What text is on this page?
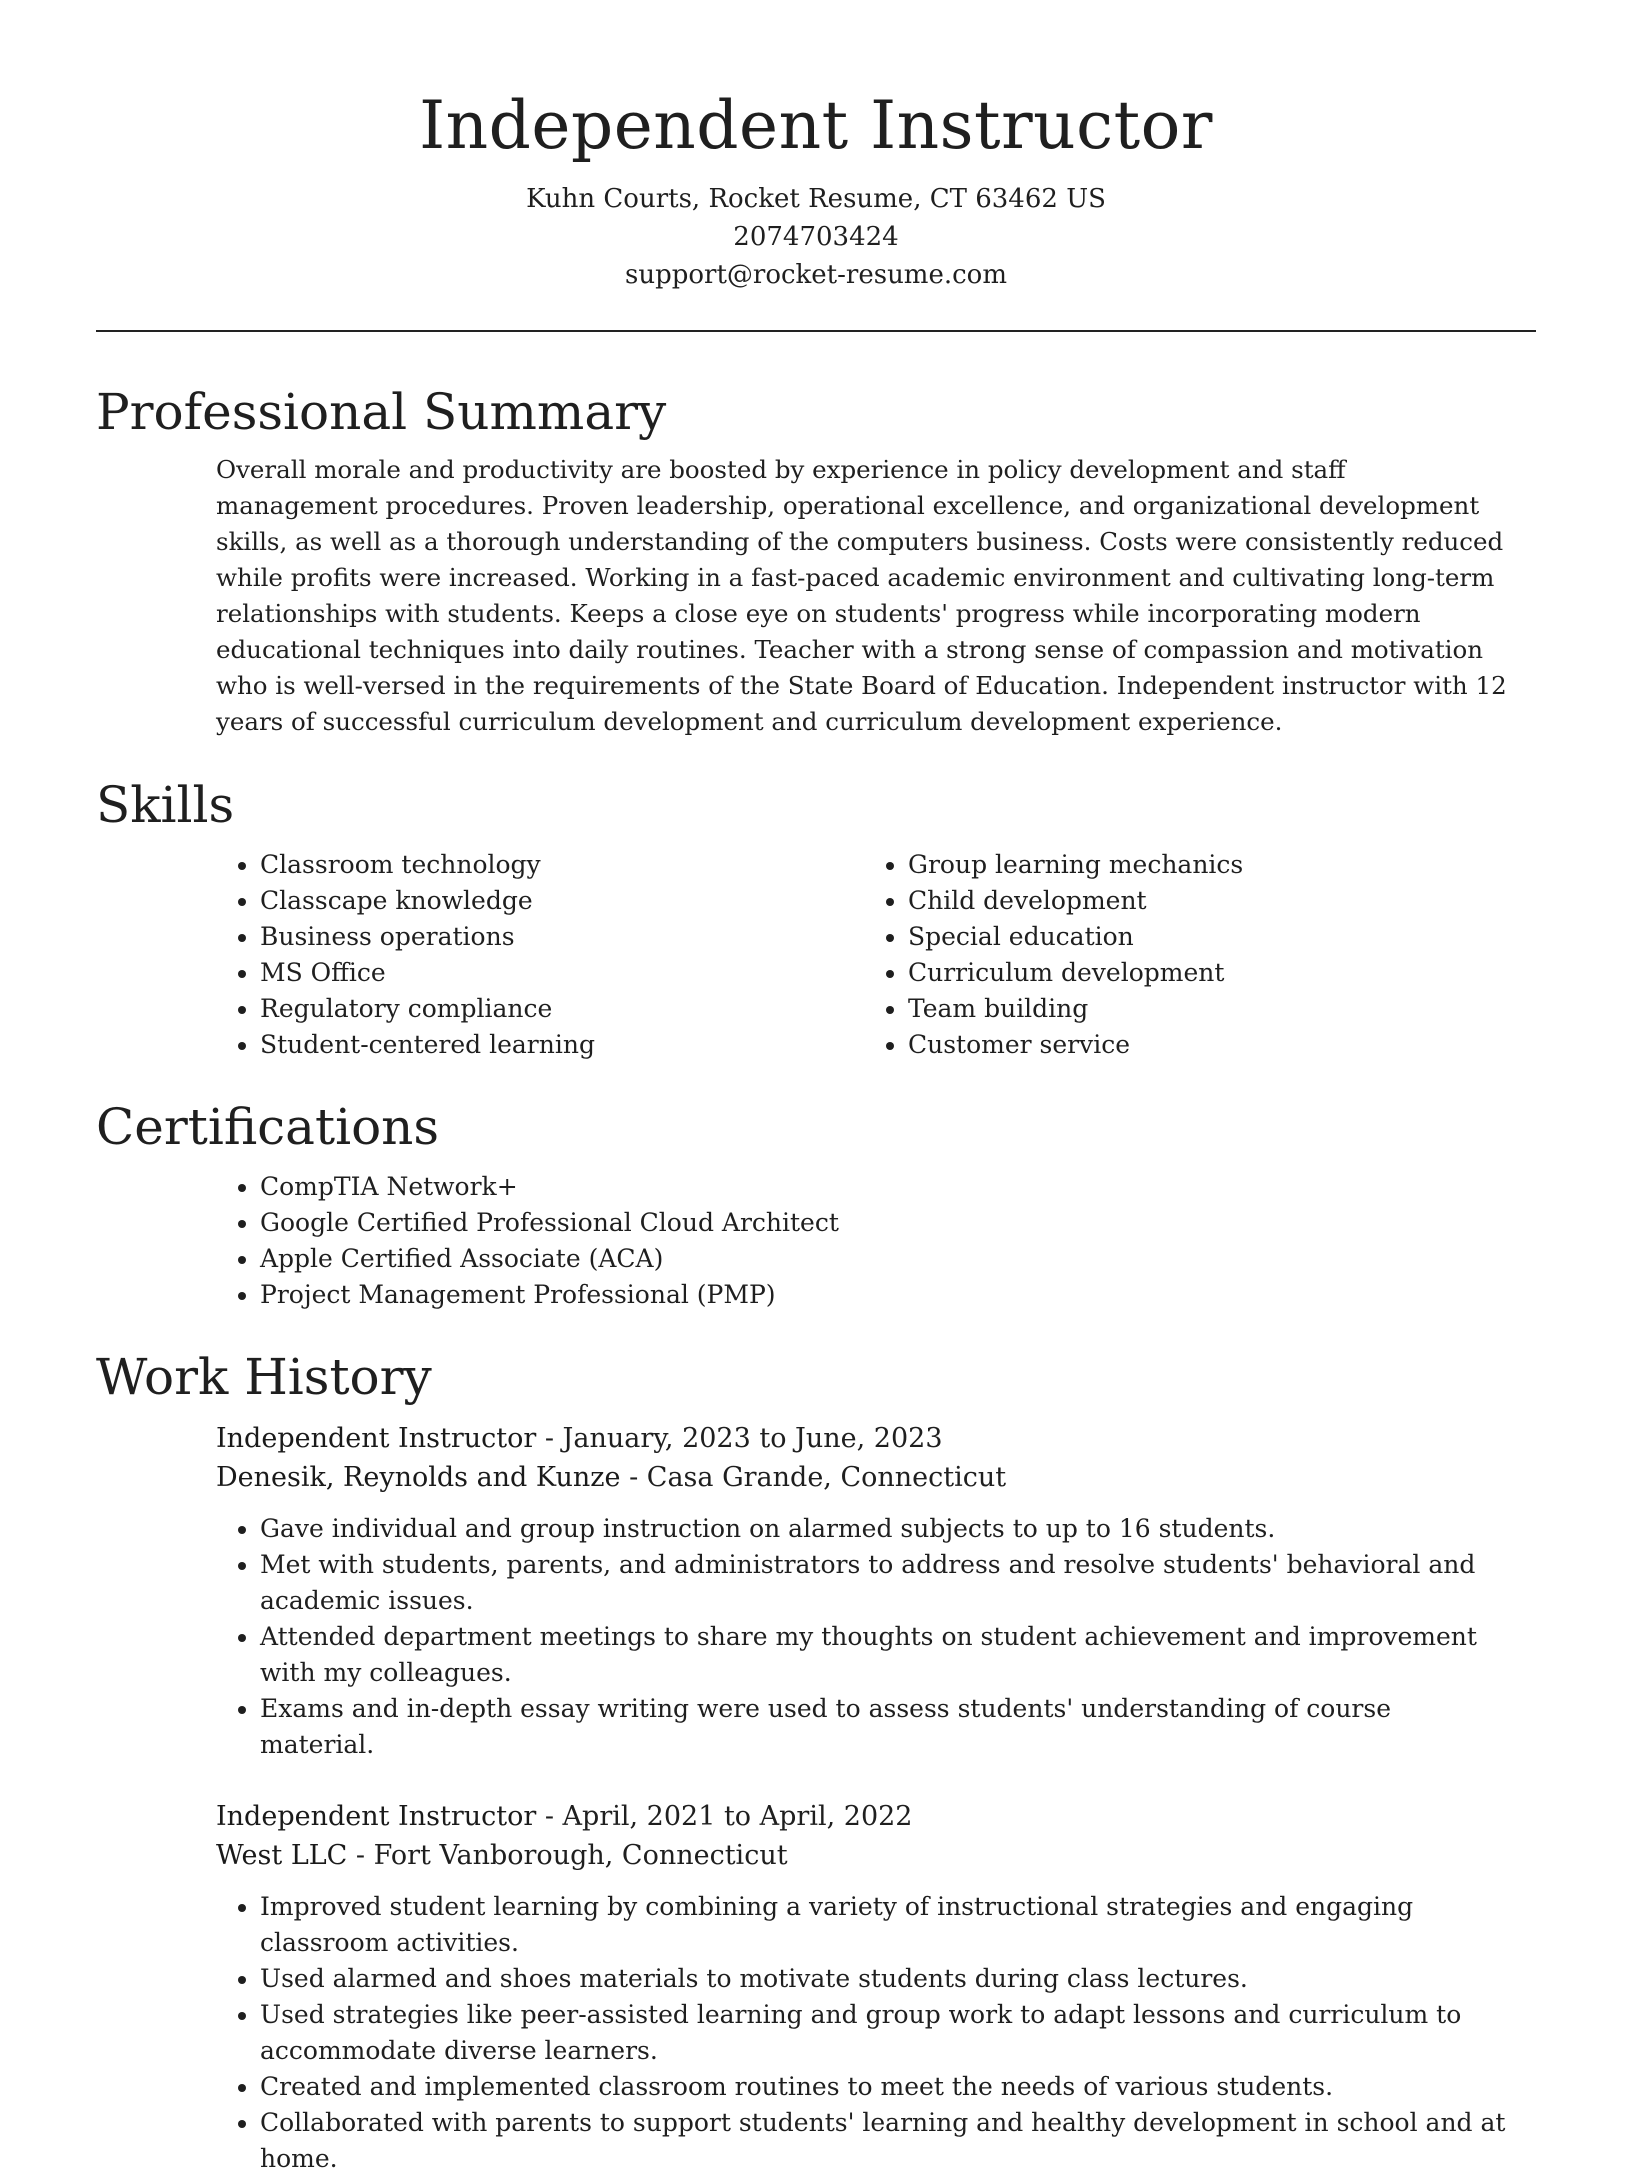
Independent Instructor
Kuhn Courts, Rocket Resume, CT 63462 US
2074703424
support@rocket-resume.com
Professional Summary

Overall morale and productivity are boosted by experience in policy development and staff management procedures. Proven leadership, operational excellence, and organizational development skills, as well as a thorough understanding of the computers business. Costs were consistently reduced while profits were increased. Working in a fast-paced academic environment and cultivating long-term relationships with students. Keeps a close eye on students' progress while incorporating modern educational techniques into daily routines. Teacher with a strong sense of compassion and motivation who is well-versed in the requirements of the State Board of Education. Independent instructor with 12 years of successful curriculum development and curriculum development experience.

Skills
• Classroom technology
• Classcape knowledge
• Business operations
• MS Office
• Regulatory compliance
• Student-centered learning
• Group learning mechanics
• Child development
• Special education
• Curriculum development
• Team building
• Customer service
Certifications
• CompTIA Network+
• Google Certified Professional Cloud Architect
• Apple Certified Associate (ACA)
• Project Management Professional (PMP)
Work History
Independent Instructor - January, 2023 to June, 2023
Denesik, Reynolds and Kunze - Casa Grande, Connecticut
• Gave individual and group instruction on alarmed subjects to up to 16 students.
• Met with students, parents, and administrators to address and resolve students' behavioral and academic issues.
• Attended department meetings to share my thoughts on student achievement and improvement with my colleagues.
• Exams and in-depth essay writing were used to assess students' understanding of course material.
Independent Instructor - April, 2021 to April, 2022
West LLC - Fort Vanborough, Connecticut
• Improved student learning by combining a variety of instructional strategies and engaging classroom activities.
• Used alarmed and shoes materials to motivate students during class lectures.
• Used strategies like peer-assisted learning and group work to adapt lessons and curriculum to accommodate diverse learners.
• Created and implemented classroom routines to meet the needs of various students.
• Collaborated with parents to support students' learning and healthy development in school and at home.
